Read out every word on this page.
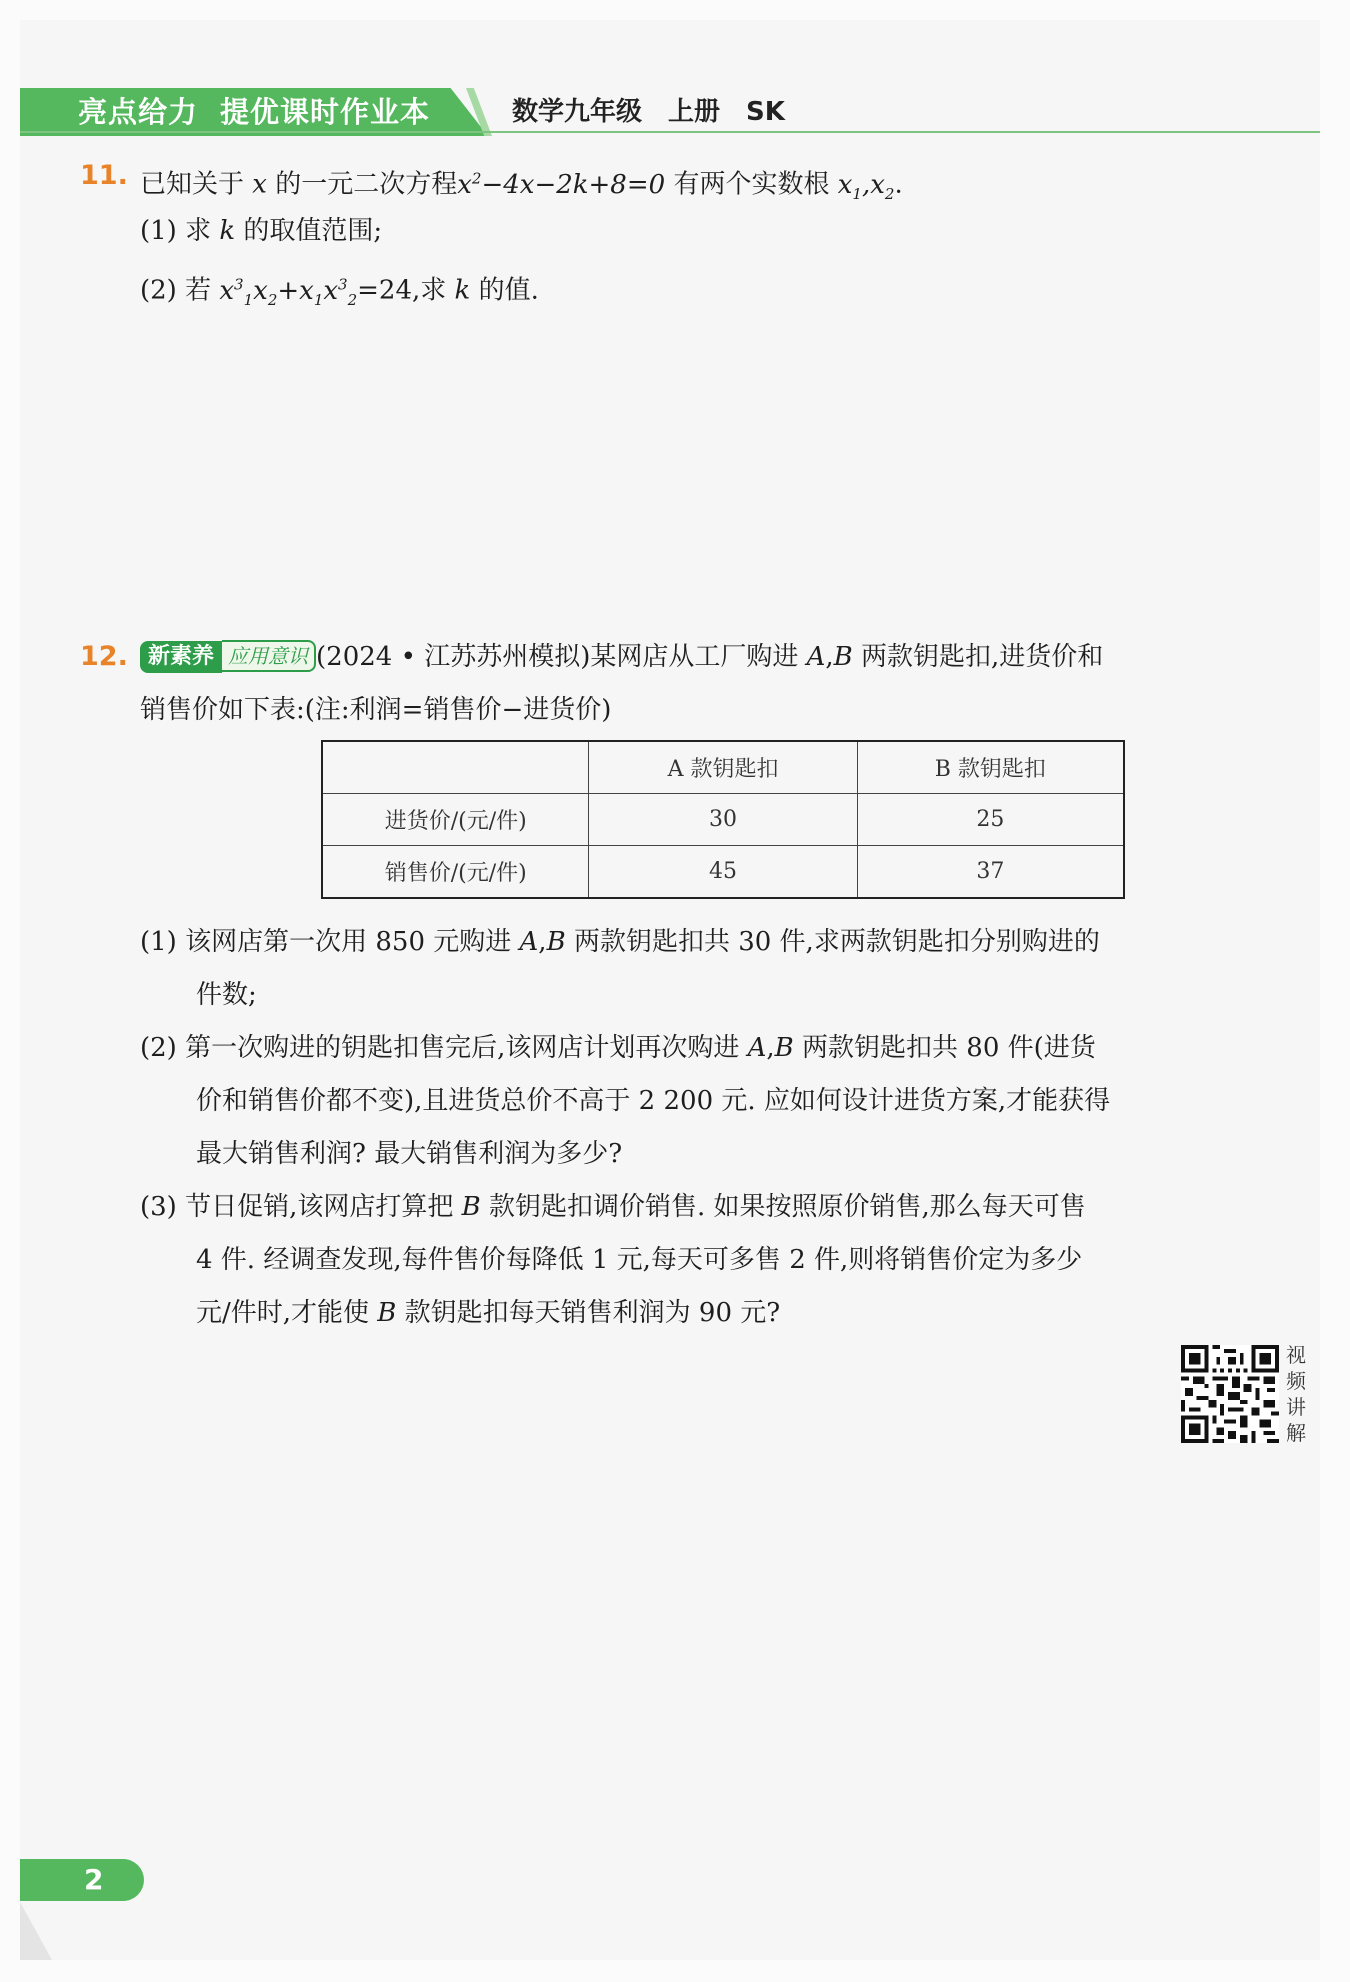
亮点给力 提优课时作业本	数学九年级 上册 SK
11. 已知关于 x 的一元二次方程$x^2-4x-2k+8=0$ 有两个实数根 $x_1,x_2$.
(1) 求 k 的取值范围;
(2) 若 $x^3_1x_2+x_1x^3_2=24$,求 k 的值.
12. 新素养 应用意识 (2024 • 江苏苏州模拟)某网店从工厂购进 A,B 两款钥匙扣,进货价和
销售价如下表:(注:利润=销售价−进货价)
	A 款钥匙扣	B 款钥匙扣
进货价/(元/件)	30	25
销售价/(元/件)	45	37
(1) 该网店第一次用 850 元购进 A,B 两款钥匙扣共 30 件,求两款钥匙扣分别购进的
件数;
(2) 第一次购进的钥匙扣售完后,该网店计划再次购进 A,B 两款钥匙扣共 80 件(进货
价和销售价都不变),且进货总价不高于 2 200 元. 应如何设计进货方案,才能获得
最大销售利润? 最大销售利润为多少?
(3) 节日促销,该网店打算把 B 款钥匙扣调价销售. 如果按照原价销售,那么每天可售
4 件. 经调查发现,每件售价每降低 1 元,每天可多售 2 件,则将销售价定为多少
元/件时,才能使 B 款钥匙扣每天销售利润为 90 元?
视
频
讲
解
2
